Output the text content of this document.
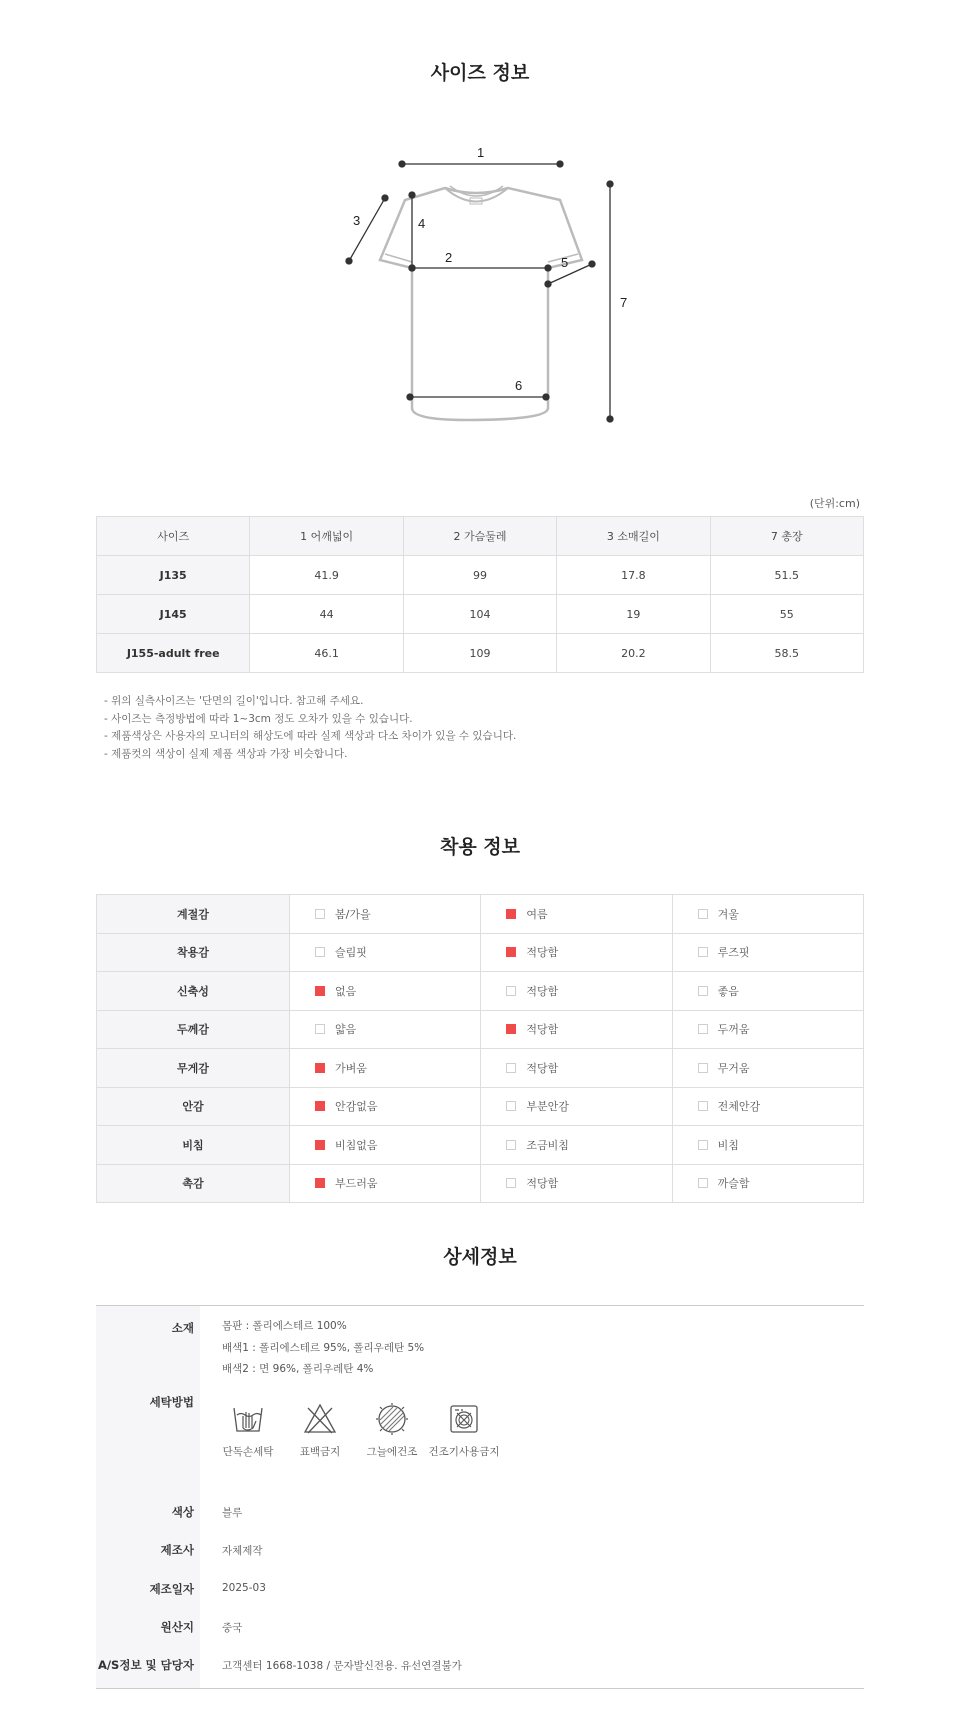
사이즈 정보
1
2
3	4
5
6
7
(단위:cm)
사이즈	1 어깨넓이	2 가슴둘레	3 소매길이	7 총장
J135	41.9	99	17.8	51.5
J145	44	104	19	55
J155-adult free	46.1	109	20.2	58.5
- 위의 실측사이즈는 '단면의 길이'입니다. 참고해 주세요.
- 사이즈는 측정방법에 따라 1~3cm 정도 오차가 있을 수 있습니다.
- 제품색상은 사용자의 모니터의 해상도에 따라 실제 색상과 다소 차이가 있을 수 있습니다.
- 제품컷의 색상이 실제 제품 색상과 가장 비슷합니다.
착용 정보
계절감	봄/가을	여름	겨울
착용감	슬림핏	적당함	루즈핏
신축성	없음	적당함	좋음
두께감	얇음	적당함	두꺼움
무게감	가벼움	적당함	무거움
안감	안감없음	부분안감	전체안감
비침	비침없음	조금비침	비침
촉감	부드러움	적당함	까슬함
상세정보
소재	몸판 : 폴리에스테르 100%
배색1 : 폴리에스테르 95%, 폴리우레탄 5%
배색2 : 면 96%, 폴리우레탄 4%
세탁방법
단독손세탁	표백금지	그늘에건조	건조기사용금지
색상	블루
제조사	자체제작
제조일자	2025-03
원산지	중국
A/S정보 및 담당자	고객센터 1668-1038 / 문자발신전용. 유선연결불가
